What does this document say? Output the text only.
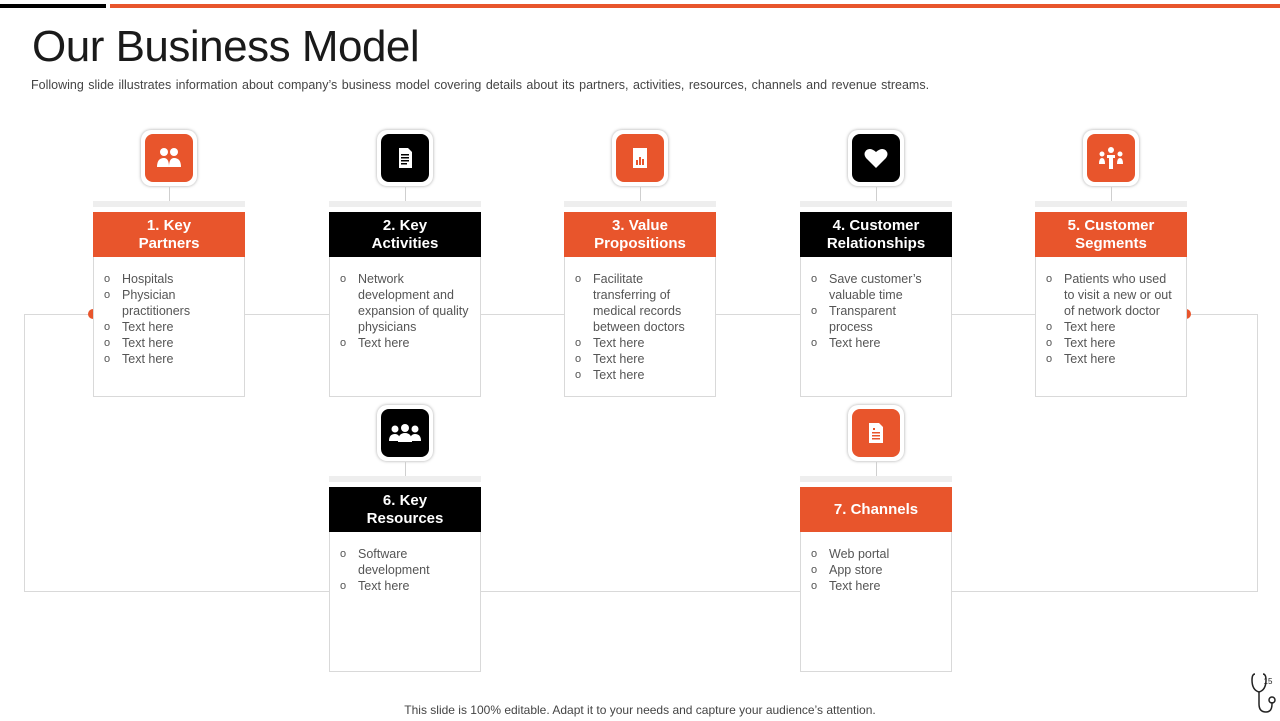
Our Business Model
Following slide illustrates information about company’s business model covering details about its partners, activities, resources, channels and revenue streams.
1. Key
Partners
o Hospitals
o Physician practitioners
o Text here
o Text here
o Text here
2. Key
Activities
o Network development and expansion of quality physicians
o Text here
3. Value
Propositions
o Facilitate transferring of medical records between doctors
o Text here
o Text here
o Text here
4. Customer
Relationships
o Save customer’s valuable time
o Transparent process
o Text here
5. Customer
Segments
o Patients who used to visit a new or out of network doctor
o Text here
o Text here
o Text here
6. Key
Resources
o Software development
o Text here
7. Channels
o Web portal
o App store
o Text here
This slide is 100% editable. Adapt it to your needs and capture your audience’s attention.
15
